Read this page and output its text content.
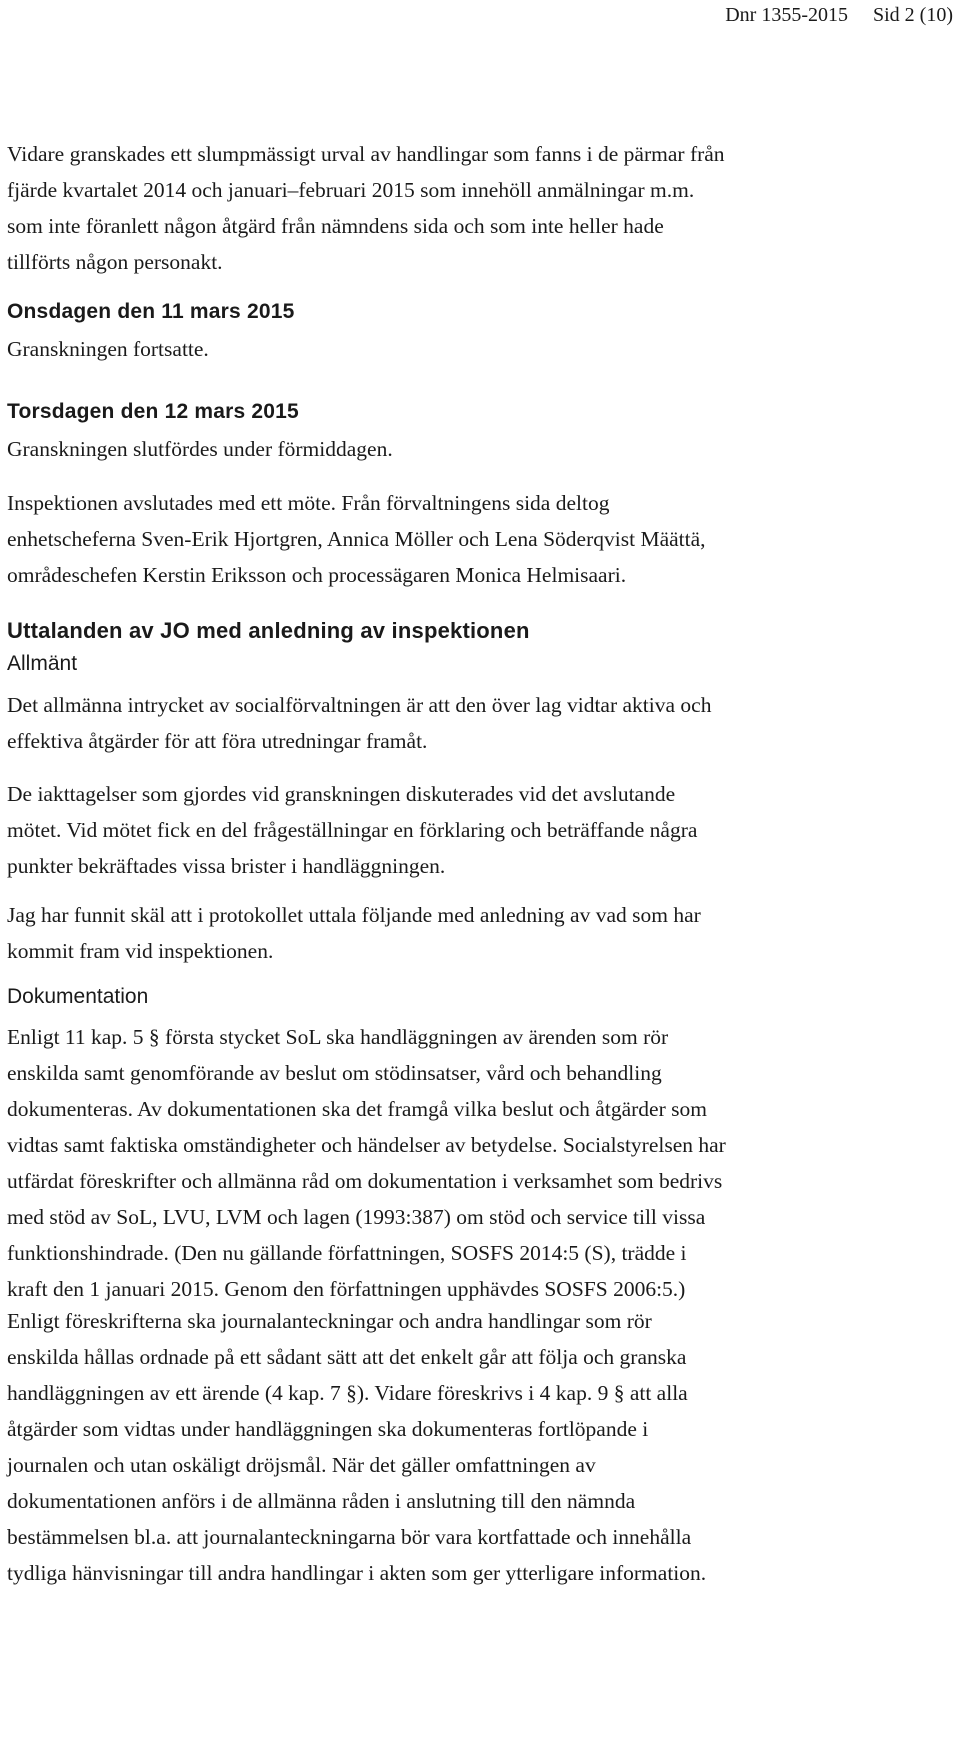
Dnr 1355-2015 Sid 2 (10)

Vidare granskades ett slumpmässigt urval av handlingar som fanns i de pärmar från
fjärde kvartalet 2014 och januari–februari 2015 som innehöll anmälningar m.m.
som inte föranlett någon åtgärd från nämndens sida och som inte heller hade
tillförts någon personakt.

Onsdagen den 11 mars 2015

Granskningen fortsatte.

Torsdagen den 12 mars 2015

Granskningen slutfördes under förmiddagen.

Inspektionen avslutades med ett möte. Från förvaltningens sida deltog
enhetscheferna Sven-Erik Hjortgren, Annica Möller och Lena Söderqvist Määttä,
områdeschefen Kerstin Eriksson och processägaren Monica Helmisaari.

Uttalanden av JO med anledning av inspektionen
Allmänt

Det allmänna intrycket av socialförvaltningen är att den över lag vidtar aktiva och
effektiva åtgärder för att föra utredningar framåt.

De iakttagelser som gjordes vid granskningen diskuterades vid det avslutande
mötet. Vid mötet fick en del frågeställningar en förklaring och beträffande några
punkter bekräftades vissa brister i handläggningen.

Jag har funnit skäl att i protokollet uttala följande med anledning av vad som har
kommit fram vid inspektionen.

Dokumentation

Enligt 11 kap. 5 § första stycket SoL ska handläggningen av ärenden som rör
enskilda samt genomförande av beslut om stödinsatser, vård och behandling
dokumenteras. Av dokumentationen ska det framgå vilka beslut och åtgärder som
vidtas samt faktiska omständigheter och händelser av betydelse. Socialstyrelsen har
utfärdat föreskrifter och allmänna råd om dokumentation i verksamhet som bedrivs
med stöd av SoL, LVU, LVM och lagen (1993:387) om stöd och service till vissa
funktionshindrade. (Den nu gällande författningen, SOSFS 2014:5 (S), trädde i
kraft den 1 januari 2015. Genom den författningen upphävdes SOSFS 2006:5.)

Enligt föreskrifterna ska journalanteckningar och andra handlingar som rör
enskilda hållas ordnade på ett sådant sätt att det enkelt går att följa och granska
handläggningen av ett ärende (4 kap. 7 §). Vidare föreskrivs i 4 kap. 9 § att alla
åtgärder som vidtas under handläggningen ska dokumenteras fortlöpande i
journalen och utan oskäligt dröjsmål. När det gäller omfattningen av
dokumentationen anförs i de allmänna råden i anslutning till den nämnda
bestämmelsen bl.a. att journalanteckningarna bör vara kortfattade och innehålla
tydliga hänvisningar till andra handlingar i akten som ger ytterligare information.
